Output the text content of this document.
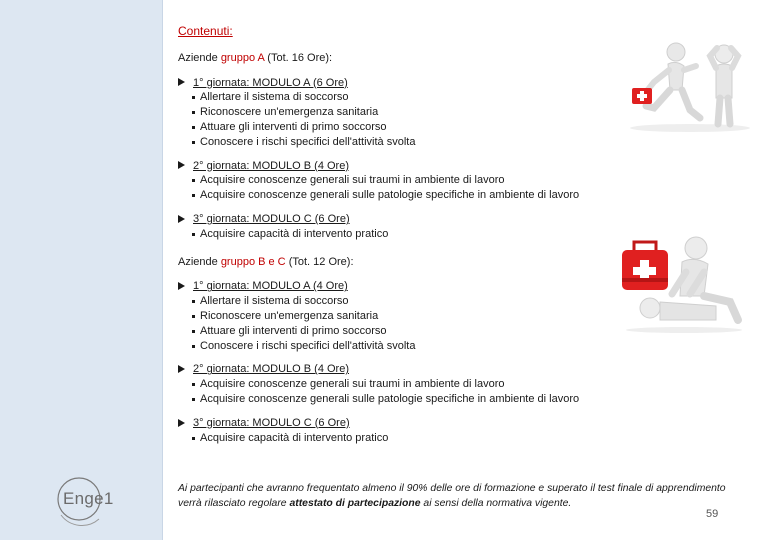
Enge1
Contenuti:
Aziende gruppo A (Tot. 16 Ore):
1° giornata: MODULO A (6 Ore)
Allertare il sistema di soccorso
Riconoscere un'emergenza sanitaria
Attuare gli interventi di primo soccorso
Conoscere i rischi specifici dell'attività svolta
2° giornata: MODULO B (4 Ore)
Acquisire conoscenze generali sui traumi in ambiente di lavoro
Acquisire conoscenze generali sulle patologie specifiche in ambiente di lavoro
3° giornata: MODULO C (6 Ore)
Acquisire capacità di intervento pratico
Aziende gruppo B e C (Tot. 12 Ore):
1° giornata: MODULO A (4 Ore)
Allertare il sistema di soccorso
Riconoscere un'emergenza sanitaria
Attuare gli interventi di primo soccorso
Conoscere i rischi specifici dell'attività svolta
2° giornata: MODULO B (4 Ore)
Acquisire conoscenze generali sui traumi in ambiente di lavoro
Acquisire conoscenze generali sulle patologie specifiche in ambiente di lavoro
3° giornata: MODULO C (6 Ore)
Acquisire capacità di intervento pratico
Ai partecipanti che avranno frequentato almeno il 90% delle ore di formazione e superato il test finale di apprendimento
verrà rilasciato regolare attestato di partecipazione ai sensi della normativa vigente.
59
